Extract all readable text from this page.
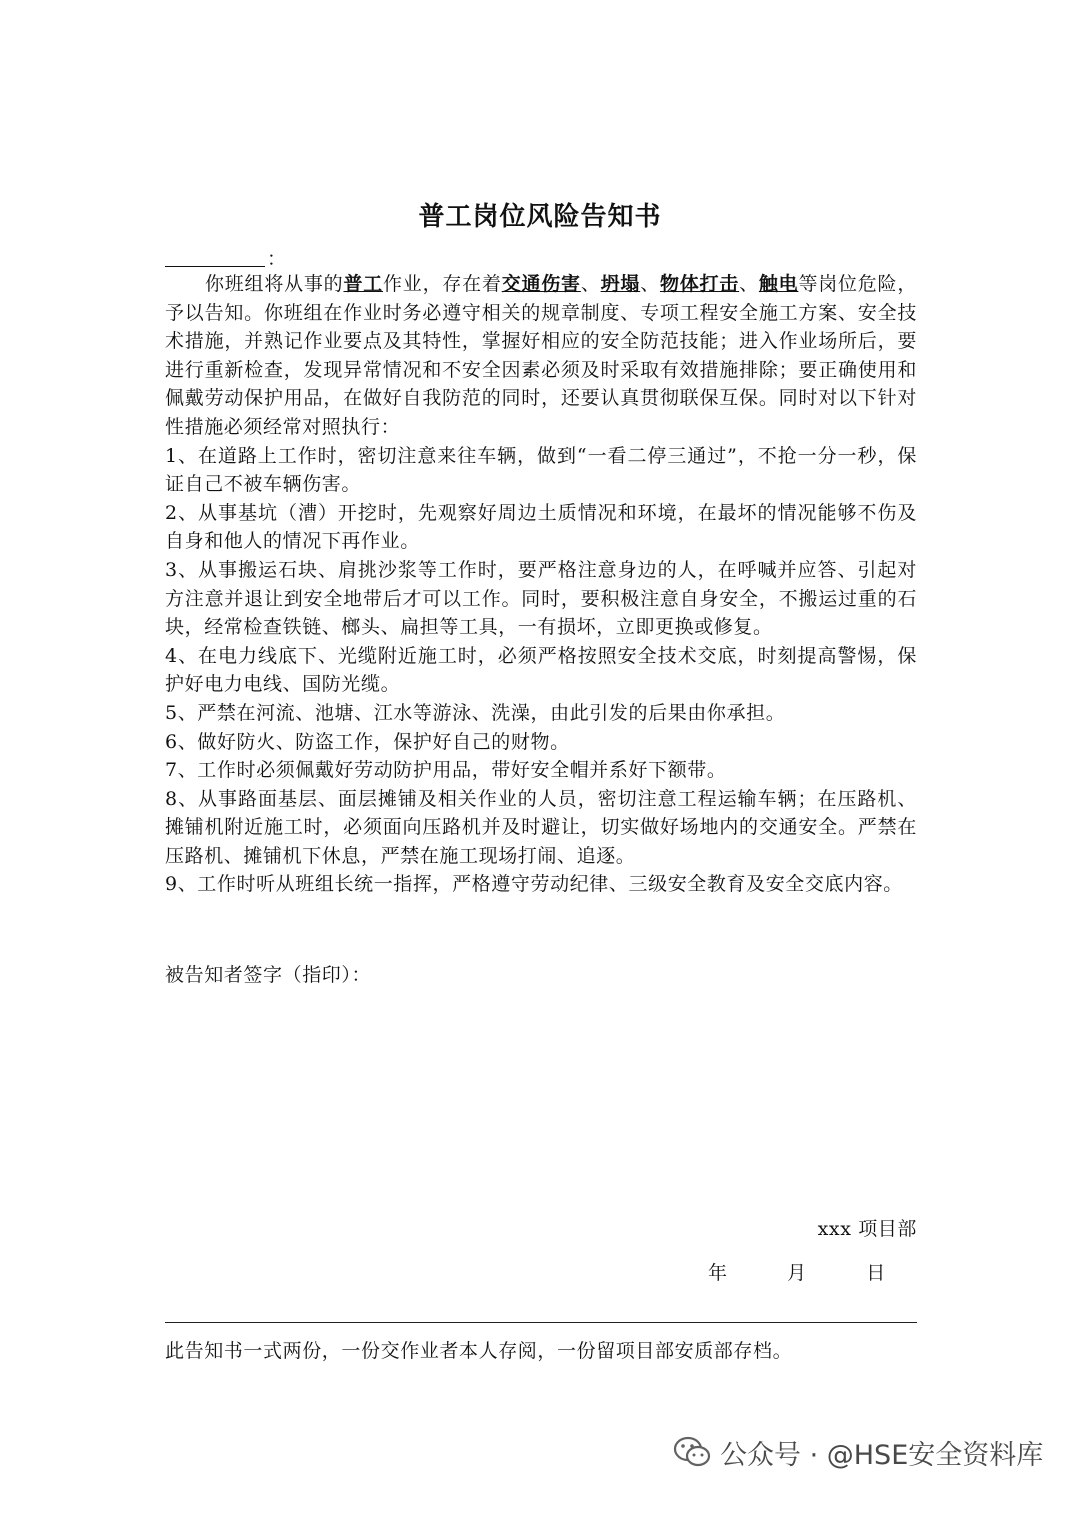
普工岗位风险告知书
：

你班组将从事的普工作业，存在着交通伤害、坍塌、物体打击、触电等岗位危险，予以告知。你班组在作业时务必遵守相关的规章制度、专项工程安全施工方案、安全技术措施，并熟记作业要点及其特性，掌握好相应的安全防范技能；进入作业场所后，要进行重新检查，发现异常情况和不安全因素必须及时采取有效措施排除；要正确使用和佩戴劳动保护用品，在做好自我防范的同时，还要认真贯彻联保互保。同时对以下针对性措施必须经常对照执行：

1、在道路上工作时，密切注意来往车辆，做到“一看二停三通过”，不抢一分一秒，保证自己不被车辆伤害。

2、从事基坑（漕）开挖时，先观察好周边土质情况和环境，在最坏的情况能够不伤及自身和他人的情况下再作业。

3、从事搬运石块、肩挑沙浆等工作时，要严格注意身边的人，在呼喊并应答、引起对方注意并退让到安全地带后才可以工作。同时，要积极注意自身安全，不搬运过重的石块，经常检查铁链、榔头、扁担等工具，一有损坏，立即更换或修复。

4、在电力线底下、光缆附近施工时，必须严格按照安全技术交底，时刻提高警惕，保护好电力电线、国防光缆。

5、严禁在河流、池塘、江水等游泳、洗澡，由此引发的后果由你承担。

6、做好防火、防盗工作，保护好自己的财物。

7、工作时必须佩戴好劳动防护用品，带好安全帽并系好下额带。

8、从事路面基层、面层摊铺及相关作业的人员，密切注意工程运输车辆；在压路机、摊铺机附近施工时，必须面向压路机并及时避让，切实做好场地内的交通安全。严禁在压路机、摊铺机下休息，严禁在施工现场打闹、追逐。

9、工作时听从班组长统一指挥，严格遵守劳动纪律、三级安全教育及安全交底内容。

被告知者签字（指印）：
xxx 项目部
年	月	日
此告知书一式两份，一份交作业者本人存阅，一份留项目部安质部存档。
公众号 · @HSE安全资料库
